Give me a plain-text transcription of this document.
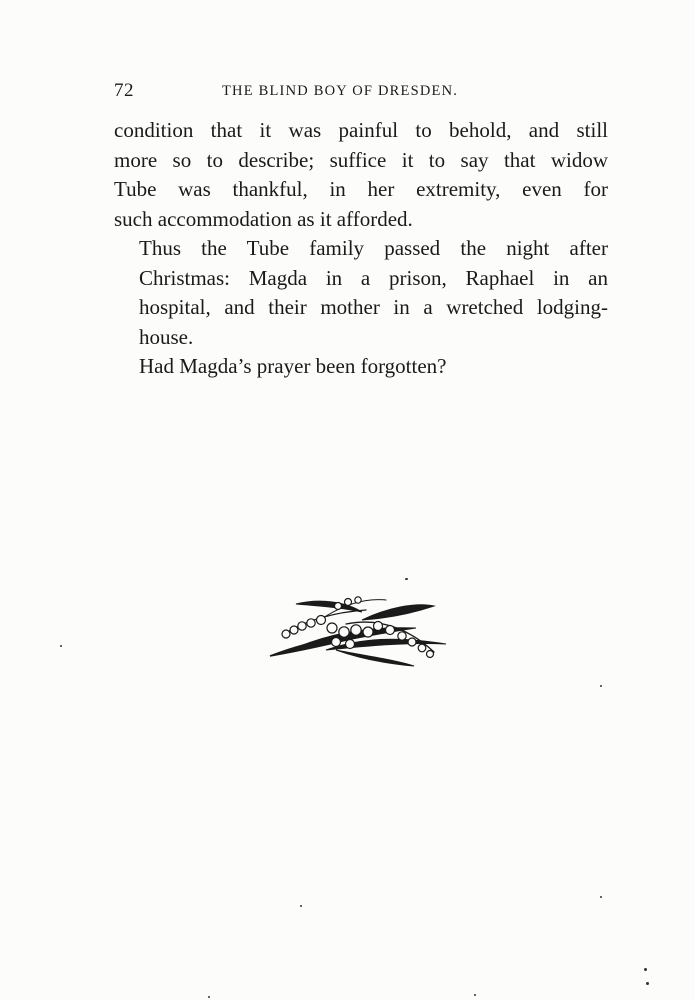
72	THE BLIND BOY OF DRESDEN.

condition that it was painful to behold, and still
more so to describe; suffice it to say that widow
Tube was thankful, in her extremity, even for
such accommodation as it afforded.

Thus the Tube family passed the night after
Christmas: Magda in a prison, Raphael in an
hospital, and their mother in a wretched lodging-
house.

Had Magda’s prayer been forgotten?
